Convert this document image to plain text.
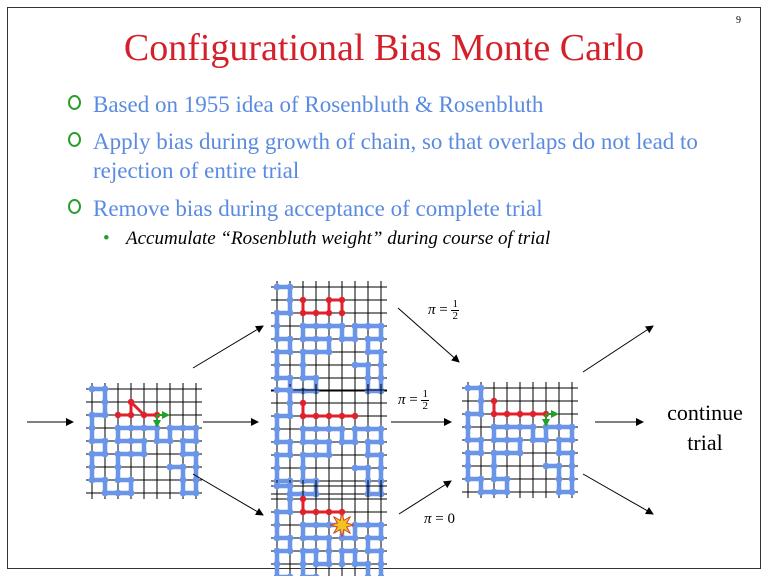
9
Configurational Bias Monte Carlo
Based on 1955 idea of Rosenbluth & Rosenbluth
Apply bias during growth of chain, so that overlaps do not lead to rejection of entire trial
Remove bias during acceptance of complete trial
• Accumulate “Rosenbluth weight” during course of trial
$\pi = \frac{1}{2}$
$\pi = \frac{1}{2}$
π = 0
continue trial
